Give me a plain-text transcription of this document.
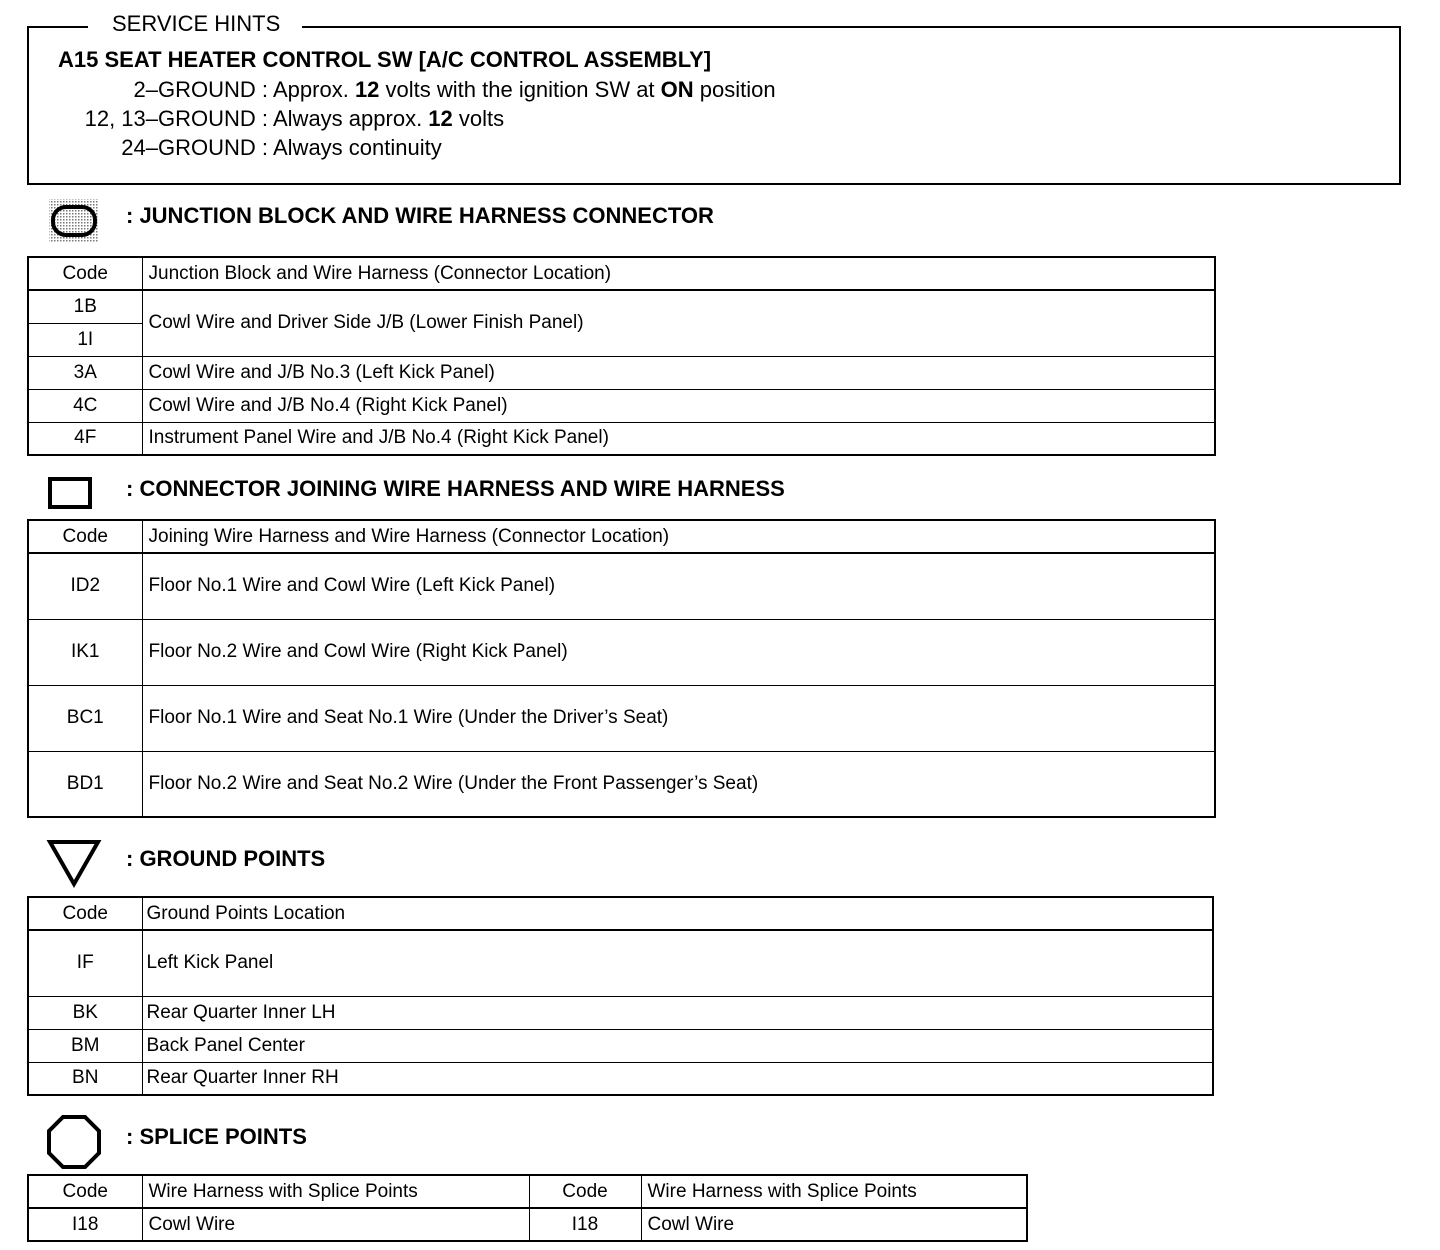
SERVICE HINTS
A15 SEAT HEATER CONTROL SW [A/C CONTROL ASSEMBLY]
2–GROUND : Approx. 12 volts with the ignition SW at ON position
12, 13–GROUND : Always approx. 12 volts
24–GROUND : Always continuity
: JUNCTION BLOCK AND WIRE HARNESS CONNECTOR
Code	Junction Block and Wire Harness (Connector Location)
1B	Cowl Wire and Driver Side J/B (Lower Finish Panel)
1I	
3A	Cowl Wire and J/B No.3 (Left Kick Panel)
4C	Cowl Wire and J/B No.4 (Right Kick Panel)
4F	Instrument Panel Wire and J/B No.4 (Right Kick Panel)
: CONNECTOR JOINING WIRE HARNESS AND WIRE HARNESS
Code	Joining Wire Harness and Wire Harness (Connector Location)
ID2	Floor No.1 Wire and Cowl Wire (Left Kick Panel)
IK1	Floor No.2 Wire and Cowl Wire (Right Kick Panel)
BC1	Floor No.1 Wire and Seat No.1 Wire (Under the Driver’s Seat)
BD1	Floor No.2 Wire and Seat No.2 Wire (Under the Front Passenger’s Seat)
: GROUND POINTS
Code	Ground Points Location
IF	Left Kick Panel
BK	Rear Quarter Inner LH
BM	Back Panel Center
BN	Rear Quarter Inner RH
: SPLICE POINTS
Code	Wire Harness with Splice Points	Code	Wire Harness with Splice Points
I18	Cowl Wire	I18	Cowl Wire
